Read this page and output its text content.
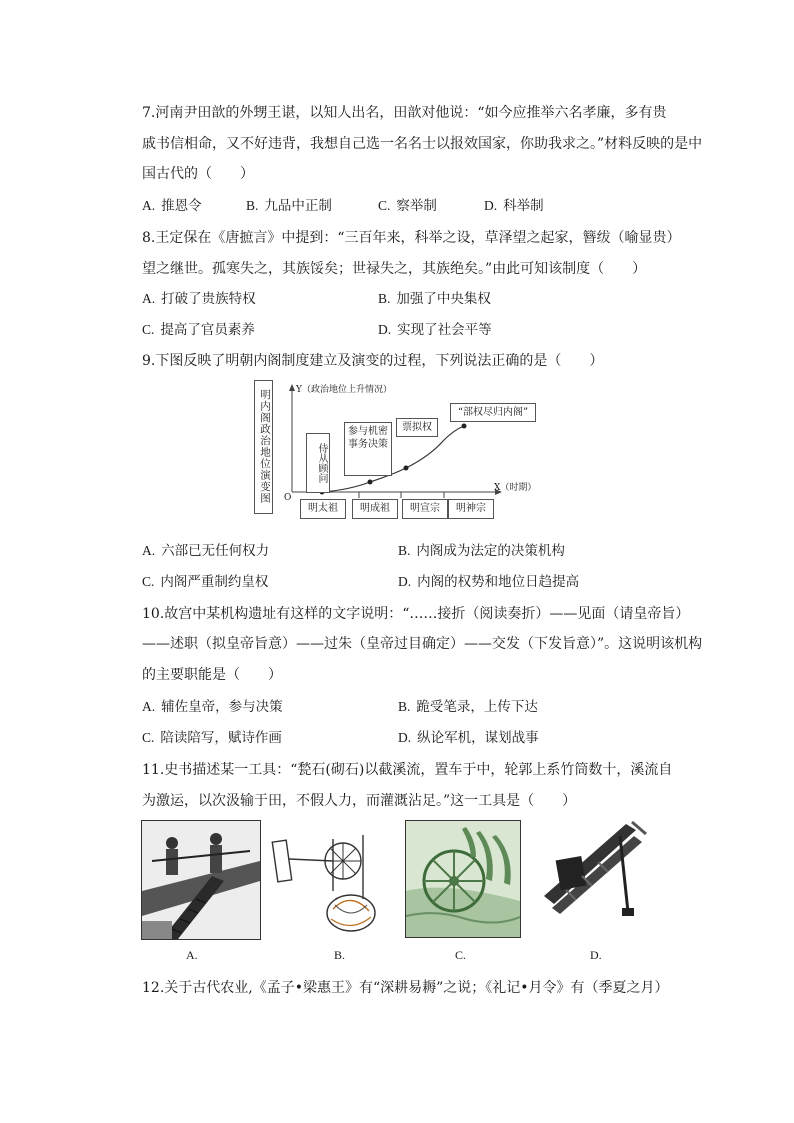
7.河南尹田歆的外甥王谌，以知人出名，田歆对他说：“如今应推举六名孝廉，多有贵
戚书信相命，又不好违背，我想自己选一名名士以报效国家，你助我求之。”材料反映的是中
国古代的（　　）
A. 推恩令	B. 九品中正制	C. 察举制	D. 科举制
8.王定保在《唐摭言》中提到：“三百年来，科举之设，草泽望之起家，簪绂（喻显贵）
望之继世。孤寒失之，其族馁矣；世禄失之，其族绝矣。”由此可知该制度（　　）
A. 打破了贵族特权	B. 加强了中央集权
C. 提高了官员素养	D. 实现了社会平等
9.下图反映了明朝内阁制度建立及演变的过程，下列说法正确的是（　　）
明内阁政治地位演变图	Y（政治地位上升情况）
X（时期）
O
侍从顾问
参与机密事务决策
票拟权
“部权尽归内阁”
明太祖	明成祖	明宣宗	明神宗
A. 六部已无任何权力	B. 内阁成为法定的决策机构
C. 内阁严重制约皇权	D. 内阁的权势和地位日趋提高
10.故宫中某机构遗址有这样的文字说明：“……接折（阅读奏折）——见面（请皇帝旨）
——述职（拟皇帝旨意）——过朱（皇帝过目确定）——交发（下发旨意）”。这说明该机构
的主要职能是（　　）
A. 辅佐皇帝，参与决策	B. 跪受笔录，上传下达
C. 陪读陪写，赋诗作画	D. 纵论军机，谋划战事
11.史书描述某一工具：“甃石(砌石)以截溪流，置车于中，轮郭上系竹筒数十，溪流自
为激运，以次汲输于田，不假人力，而灌溉沾足。”这一工具是（　　）
A.	B.	C.	D.
12.关于古代农业,《孟子•梁惠王》有“深耕易耨”之说；《礼记•月令》有（季夏之月）
